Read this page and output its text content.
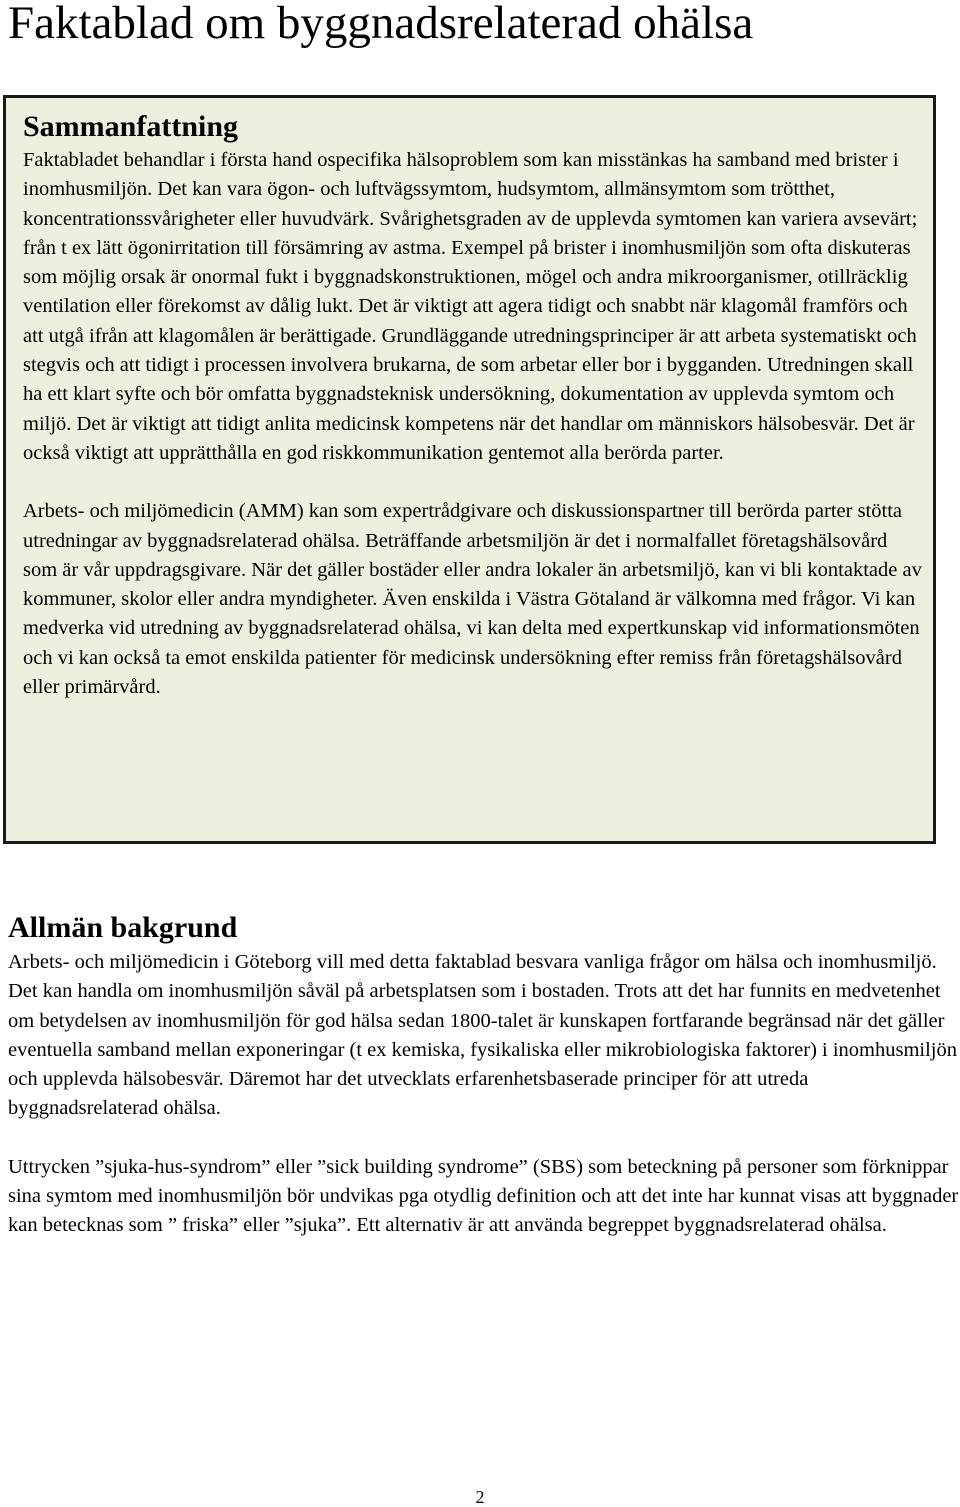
Faktablad om byggnadsrelaterad ohälsa
Sammanfattning

Faktabladet behandlar i första hand ospecifika hälsoproblem som kan misstänkas ha samband med brister i inomhusmiljön. Det kan vara ögon- och luftvägssymtom, hudsymtom, allmänsymtom som trötthet, koncentrationssvårigheter eller huvudvärk. Svårighetsgraden av de upplevda symtomen kan variera avsevärt; från t ex lätt ögonirritation till försämring av astma. Exempel på brister i inomhusmiljön som ofta diskuteras som möjlig orsak är onormal fukt i byggnadskonstruktionen, mögel och andra mikroorganismer, otillräcklig ventilation eller förekomst av dålig lukt. Det är viktigt att agera tidigt och snabbt när klagomål framförs och att utgå ifrån att klagomålen är berättigade. Grundläggande utredningsprinciper är att arbeta systematiskt och stegvis och att tidigt i processen involvera brukarna, de som arbetar eller bor i bygganden. Utredningen skall ha ett klart syfte och bör omfatta byggnadsteknisk undersökning, dokumentation av upplevda symtom och miljö. Det är viktigt att tidigt anlita medicinsk kompetens när det handlar om människors hälsobesvär. Det är också viktigt att upprätthålla en god riskkommunikation gentemot alla berörda parter.

Arbets- och miljömedicin (AMM) kan som expertrådgivare och diskussionspartner till berörda parter stötta utredningar av byggnadsrelaterad ohälsa. Beträffande arbetsmiljön är det i normalfallet företagshälsovård som är vår uppdragsgivare. När det gäller bostäder eller andra lokaler än arbetsmiljö, kan vi bli kontaktade av kommuner, skolor eller andra myndigheter. Även enskilda i Västra Götaland är välkomna med frågor. Vi kan medverka vid utredning av byggnadsrelaterad ohälsa, vi kan delta med expertkunskap vid informationsmöten och vi kan också ta emot enskilda patienter för medicinsk undersökning efter remiss från företagshälsovård eller primärvård.

Allmän bakgrund

Arbets- och miljömedicin i Göteborg vill med detta faktablad besvara vanliga frågor om hälsa och inomhusmiljö. Det kan handla om inomhusmiljön såväl på arbetsplatsen som i bostaden. Trots att det har funnits en medvetenhet om betydelsen av inomhusmiljön för god hälsa sedan 1800-talet är kunskapen fortfarande begränsad när det gäller eventuella samband mellan exponeringar (t ex kemiska, fysikaliska eller mikrobiologiska faktorer) i inomhusmiljön och upplevda hälsobesvär. Däremot har det utvecklats erfarenhetsbaserade principer för att utreda byggnadsrelaterad ohälsa.

Uttrycken ”sjuka-hus-syndrom” eller ”sick building syndrome” (SBS) som beteckning på personer som förknippar sina symtom med inomhusmiljön bör undvikas pga otydlig definition och att det inte har kunnat visas att byggnader kan betecknas som ” friska” eller ”sjuka”. Ett alternativ är att använda begreppet byggnadsrelaterad ohälsa.

2
